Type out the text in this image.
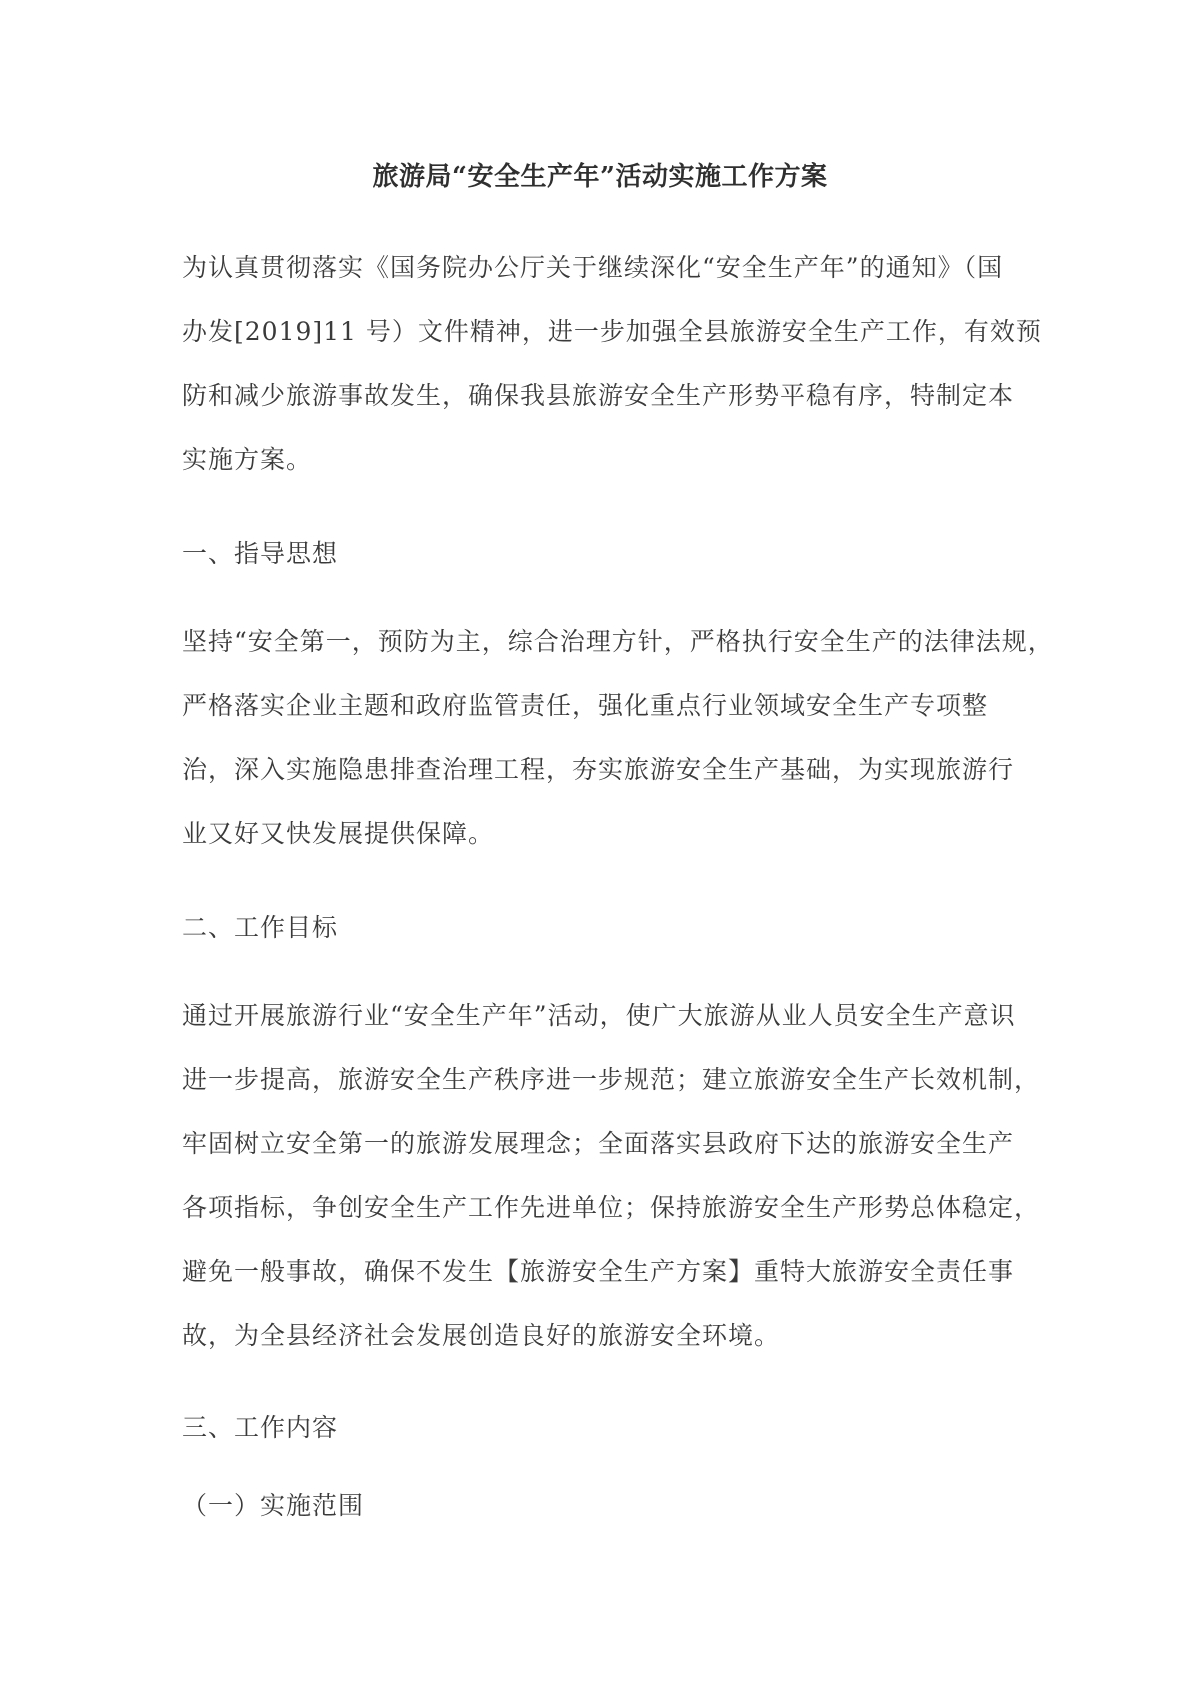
旅游局“安全生产年”活动实施工作方案
为认真贯彻落实《国务院办公厅关于继续深化“安全生产年”的通知》（国
办发[2019]11 号）文件精神，进一步加强全县旅游安全生产工作，有效预
防和减少旅游事故发生，确保我县旅游安全生产形势平稳有序，特制定本
实施方案。
一、指导思想
坚持“安全第一，预防为主，综合治理方针，严格执行安全生产的法律法规，
严格落实企业主题和政府监管责任，强化重点行业领域安全生产专项整
治，深入实施隐患排查治理工程，夯实旅游安全生产基础，为实现旅游行
业又好又快发展提供保障。
二、工作目标
通过开展旅游行业“安全生产年”活动，使广大旅游从业人员安全生产意识
进一步提高，旅游安全生产秩序进一步规范；建立旅游安全生产长效机制，
牢固树立安全第一的旅游发展理念；全面落实县政府下达的旅游安全生产
各项指标，争创安全生产工作先进单位；保持旅游安全生产形势总体稳定，
避免一般事故，确保不发生【旅游安全生产方案】重特大旅游安全责任事
故，为全县经济社会发展创造良好的旅游安全环境。
三、工作内容
（一）实施范围
